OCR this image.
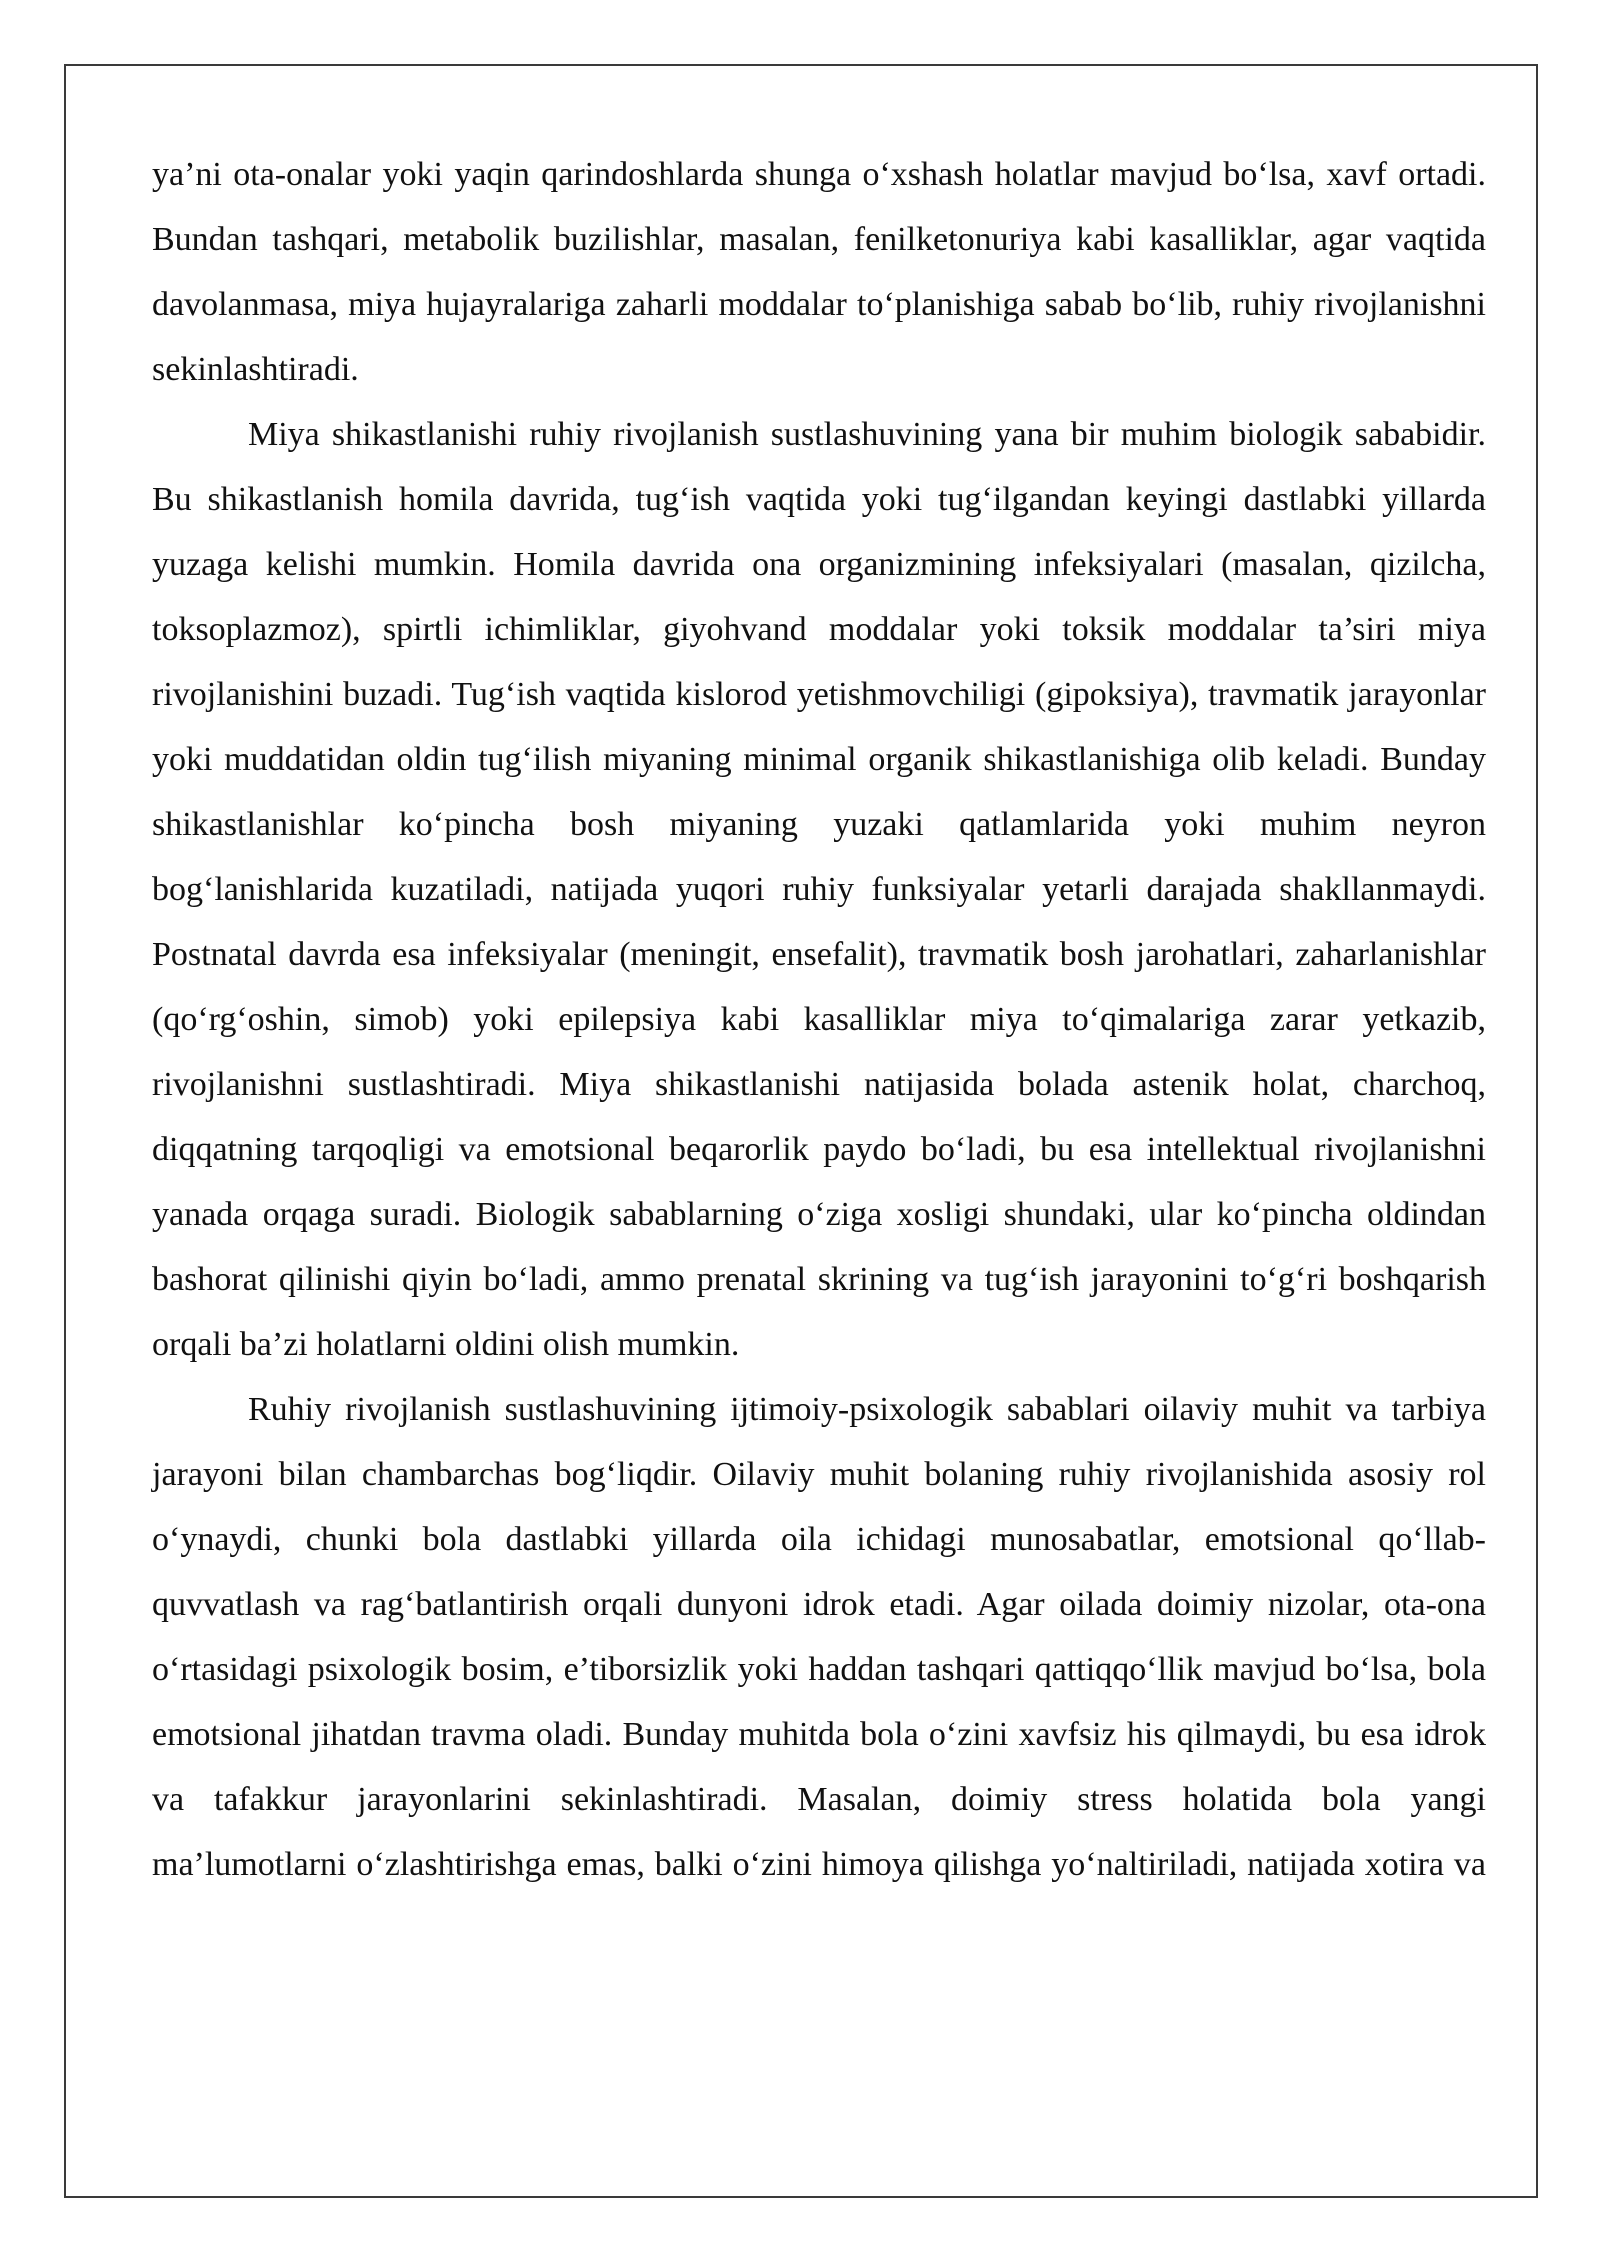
ya’ni ota-onalar yoki yaqin qarindoshlarda shunga o‘xshash holatlar mavjud bo‘lsa, xavf ortadi. Bundan tashqari, metabolik buzilishlar, masalan, fenilketonuriya kabi kasalliklar, agar vaqtida davolanmasa, miya hujayralariga zaharli moddalar to‘planishiga sabab bo‘lib, ruhiy rivojlanishni sekinlashtiradi.

Miya shikastlanishi ruhiy rivojlanish sustlashuvining yana bir muhim biologik sababidir. Bu shikastlanish homila davrida, tug‘ish vaqtida yoki tug‘ilgandan keyingi dastlabki yillarda yuzaga kelishi mumkin. Homila davrida ona organizmining infeksiyalari (masalan, qizilcha, toksoplazmoz), spirtli ichimliklar, giyohvand moddalar yoki toksik moddalar ta’siri miya rivojlanishini buzadi. Tug‘ish vaqtida kislorod yetishmovchiligi (gipoksiya), travmatik jarayonlar yoki muddatidan oldin tug‘ilish miyaning minimal organik shikastlanishiga olib keladi. Bunday shikastlanishlar ko‘pincha bosh miyaning yuzaki qatlamlarida yoki muhim neyron bog‘lanishlarida kuzatiladi, natijada yuqori ruhiy funksiyalar yetarli darajada shakllanmaydi. Postnatal davrda esa infeksiyalar (meningit, ensefalit), travmatik bosh jarohatlari, zaharlanishlar (qo‘rg‘oshin, simob) yoki epilepsiya kabi kasalliklar miya to‘qimalariga zarar yetkazib, rivojlanishni sustlashtiradi. Miya shikastlanishi natijasida bolada astenik holat, charchoq, diqqatning tarqoqligi va emotsional beqarorlik paydo bo‘ladi, bu esa intellektual rivojlanishni yanada orqaga suradi. Biologik sabablarning o‘ziga xosligi shundaki, ular ko‘pincha oldindan bashorat qilinishi qiyin bo‘ladi, ammo prenatal skrining va tug‘ish jarayonini to‘g‘ri boshqarish orqali ba’zi holatlarni oldini olish mumkin.

Ruhiy rivojlanish sustlashuvining ijtimoiy-psixologik sabablari oilaviy muhit va tarbiya jarayoni bilan chambarchas bog‘liqdir. Oilaviy muhit bolaning ruhiy rivojlanishida asosiy rol o‘ynaydi, chunki bola dastlabki yillarda oila ichidagi munosabatlar, emotsional qo‘llab-quvvatlash va rag‘batlantirish orqali dunyoni idrok etadi. Agar oilada doimiy nizolar, ota-ona o‘rtasidagi psixologik bosim, e’tiborsizlik yoki haddan tashqari qattiqqo‘llik mavjud bo‘lsa, bola emotsional jihatdan travma oladi. Bunday muhitda bola o‘zini xavfsiz his qilmaydi, bu esa idrok va tafakkur jarayonlarini sekinlashtiradi. Masalan, doimiy stress holatida bola yangi ma’lumotlarni o‘zlashtirishga emas, balki o‘zini himoya qilishga yo‘naltiriladi, natijada xotira va
